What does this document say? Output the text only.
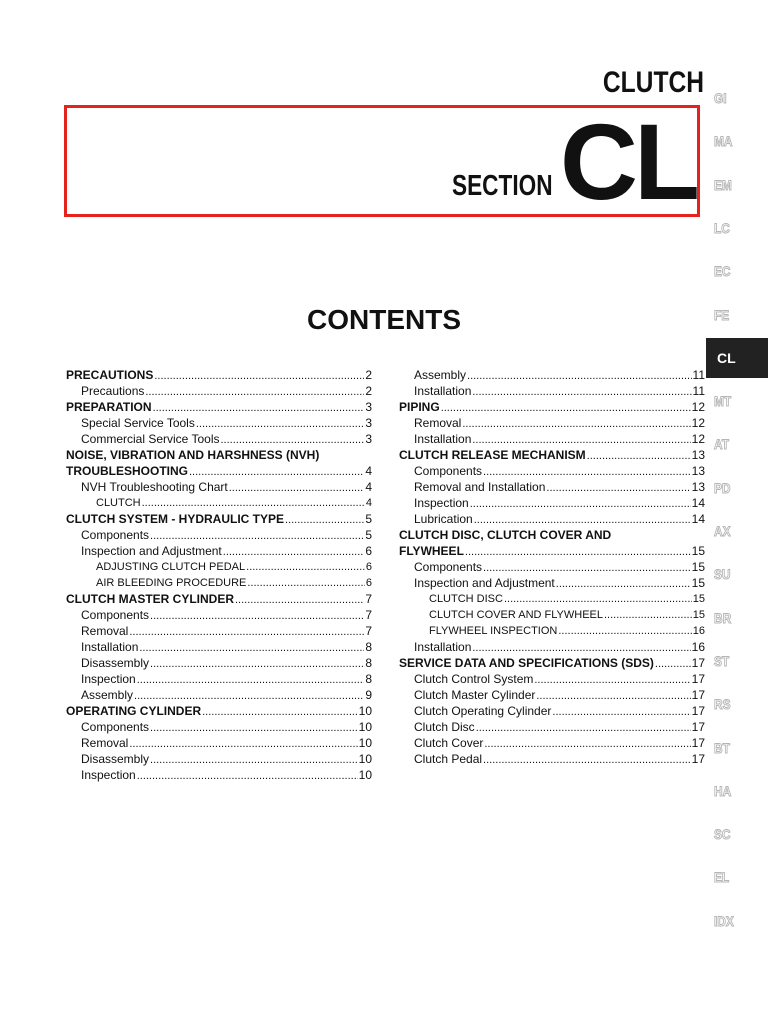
CLUTCH
SECTION CL
CONTENTS
PRECAUTIONS .....	2
Precautions .....	2
PREPARATION .....	3
Special Service Tools .....	3
Commercial Service Tools .....	3
NOISE, VIBRATION AND HARSHNESS (NVH)
TROUBLESHOOTING .....	4
NVH Troubleshooting Chart .....	4
CLUTCH .....	4
CLUTCH SYSTEM - HYDRAULIC TYPE .....	5
Components .....	5
Inspection and Adjustment .....	6
ADJUSTING CLUTCH PEDAL .....	6
AIR BLEEDING PROCEDURE .....	6
CLUTCH MASTER CYLINDER .....	7
Components .....	7
Removal .....	7
Installation .....	8
Disassembly .....	8
Inspection .....	8
Assembly .....	9
OPERATING CYLINDER .....	10
Components .....	10
Removal .....	10
Disassembly .....	10
Inspection .....	10
Assembly .....	11
Installation .....	11
PIPING .....	12
Removal .....	12
Installation .....	12
CLUTCH RELEASE MECHANISM .....	13
Components .....	13
Removal and Installation .....	13
Inspection .....	14
Lubrication .....	14
CLUTCH DISC, CLUTCH COVER AND
FLYWHEEL .....	15
Components .....	15
Inspection and Adjustment .....	15
CLUTCH DISC .....	15
CLUTCH COVER AND FLYWHEEL .....	15
FLYWHEEL INSPECTION .....	16
Installation .....	16
SERVICE DATA AND SPECIFICATIONS (SDS) .....	17
Clutch Control System .....	17
Clutch Master Cylinder .....	17
Clutch Operating Cylinder .....	17
Clutch Disc .....	17
Clutch Cover .....	17
Clutch Pedal .....	17
GI
MA
EM
LC
EC
FE
CL
MT
AT
PD
AX
SU
BR
ST
RS
BT
HA
SC
EL
IDX
